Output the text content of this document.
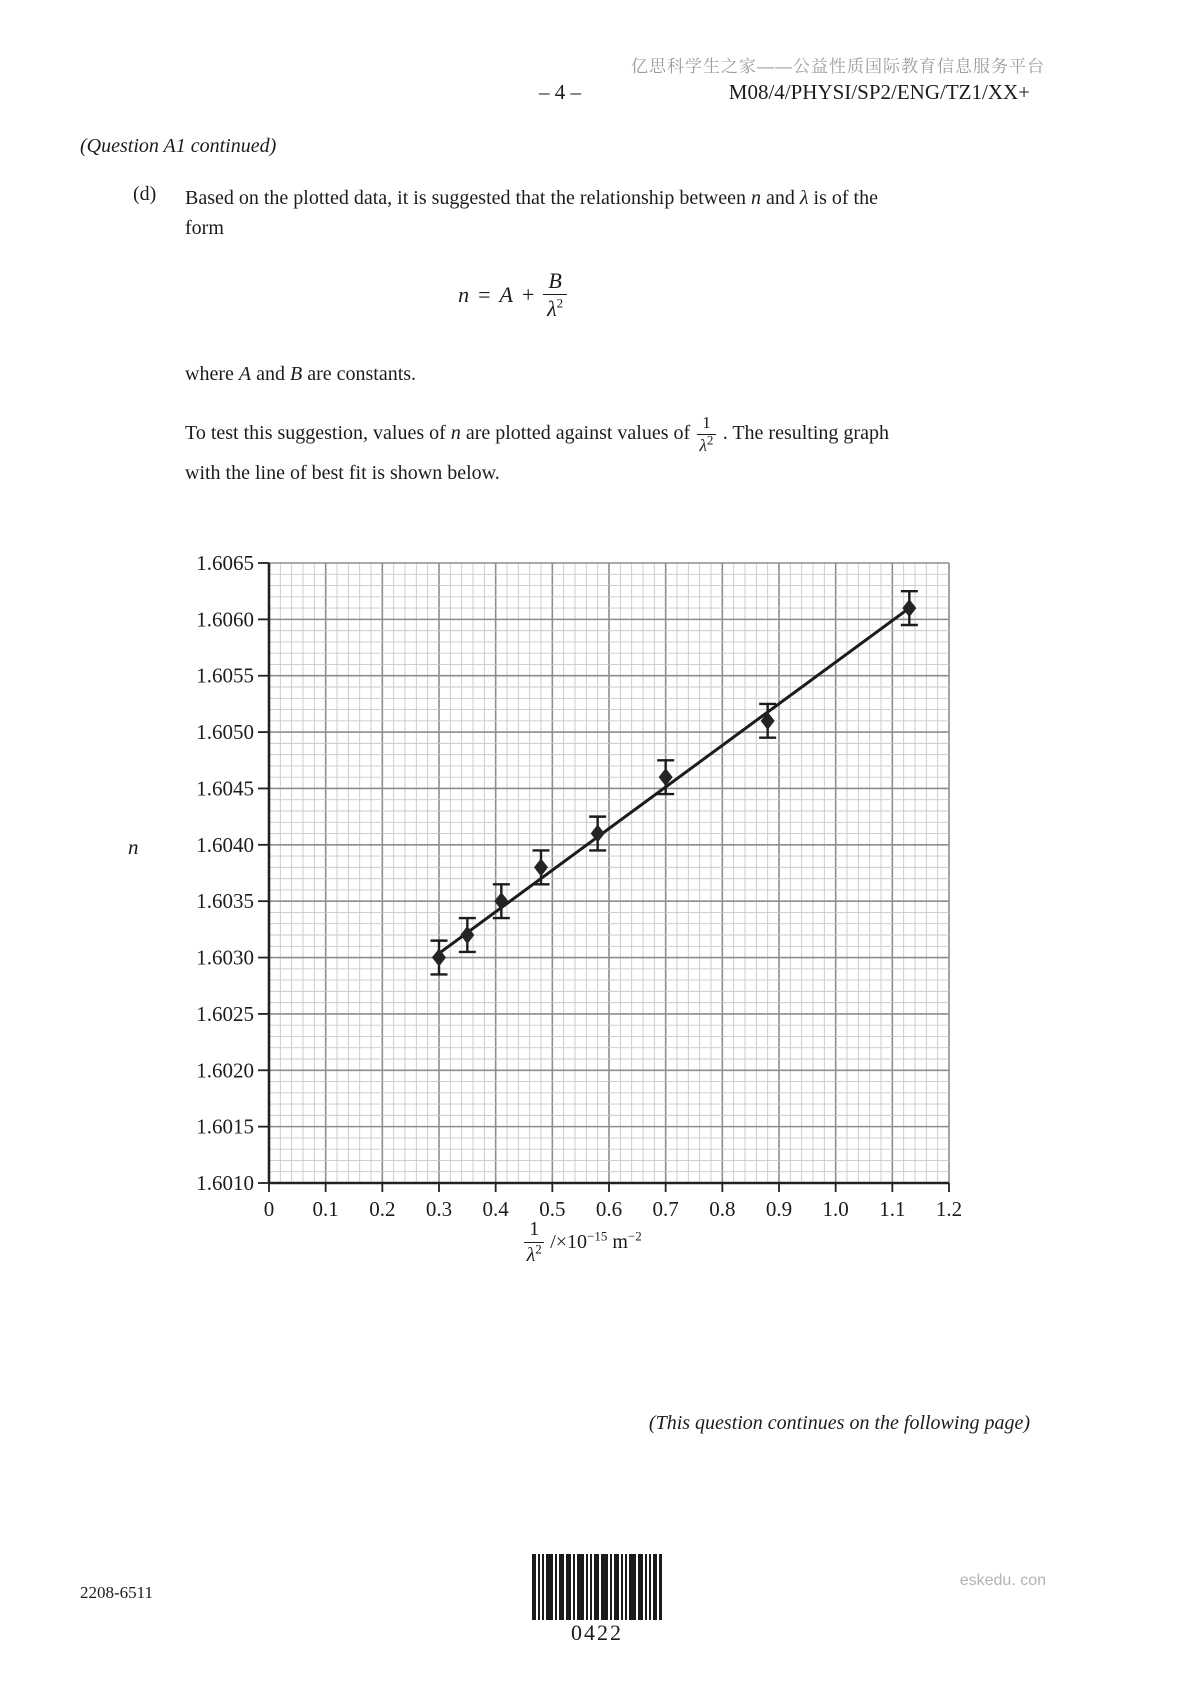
亿思科学生之家——公益性质国际教育信息服务平台
– 4 –	M08/4/PHYSI/SP2/ENG/TZ1/XX+
(Question A1 continued)
(d)	Based on the plotted data, it is suggested that the relationship between n and λ is of the
form
$n = A + \frac{B}{\lambda^2}$
where A and B are constants.
To test this suggestion, values of n are plotted against values of $\frac{1}{\lambda^2}$ . The resulting graph
with the line of best fit is shown below.
0 0.1 0.2 0.3 0.4 0.5 0.6 0.7 0.8 0.9 1.0 1.1 1.2
1.6065
1.6060
1.6055
1.6050
1.6045
1.6040
1.6035
1.6030
1.6025
1.6020
1.6015
1.6010
n
$\frac{1}{\lambda^2} /\times 10^{-15}$ $m^{-2}$
(This question continues on the following page)
2208-6511
0422
eskedu. con
